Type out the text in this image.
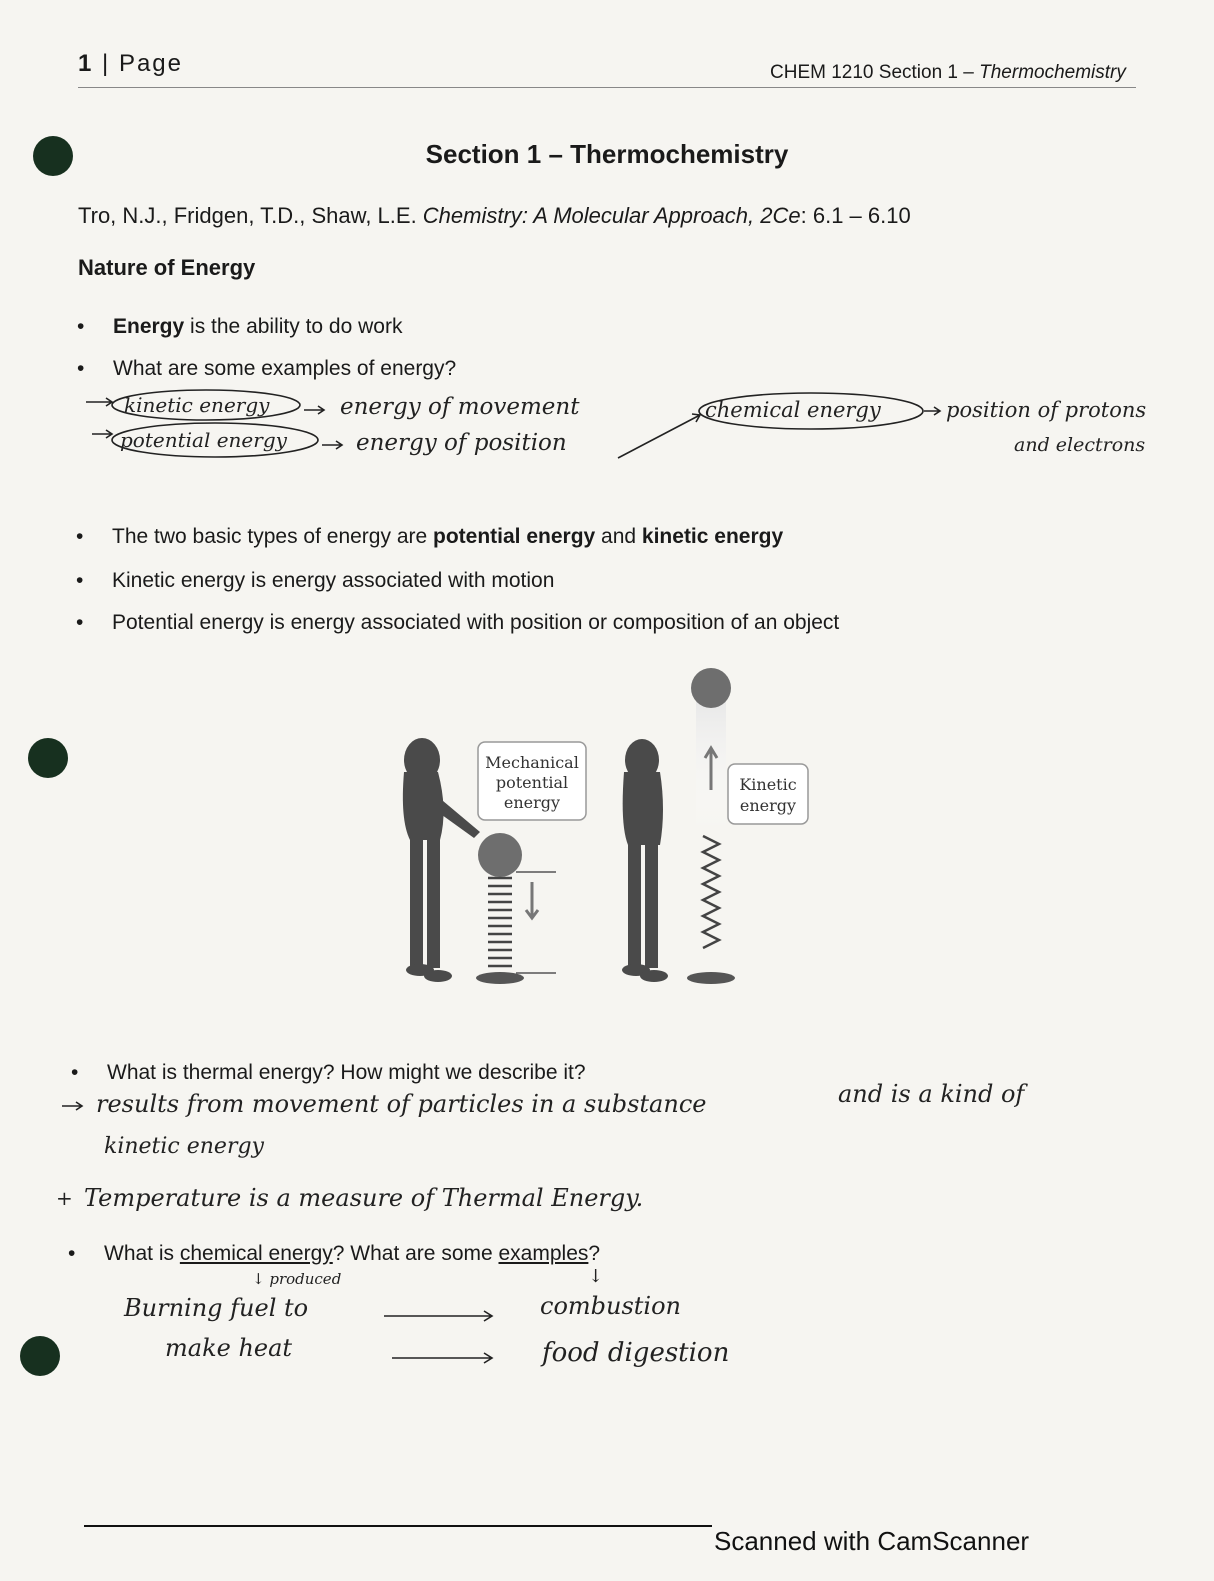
1 | Page	CHEM 1210 Section 1 – Thermochemistry
Section 1 – Thermochemistry
Tro, N.J., Fridgen, T.D., Shaw, L.E. Chemistry: A Molecular Approach, 2Ce: 6.1 – 6.10
Nature of Energy
• Energy is the ability to do work
• What are some examples of energy?
kinetic energy	energy of movement
potential energy	energy of position
chemical energy	position of protons
and electrons
• The two basic types of energy are potential energy and kinetic energy
• Kinetic energy is energy associated with motion
• Potential energy is energy associated with position or composition of an object
Mechanical
potential
energy
Kinetic
energy
• What is thermal energy? How might we describe it?
results from movement of particles in a substance	and is a kind of
kinetic energy
+ Temperature is a measure of Thermal Energy.
• What is chemical energy? What are some examples?
↓ produced	↓
Burning fuel to
make heat
combustion
food digestion
Scanned with CamScanner
